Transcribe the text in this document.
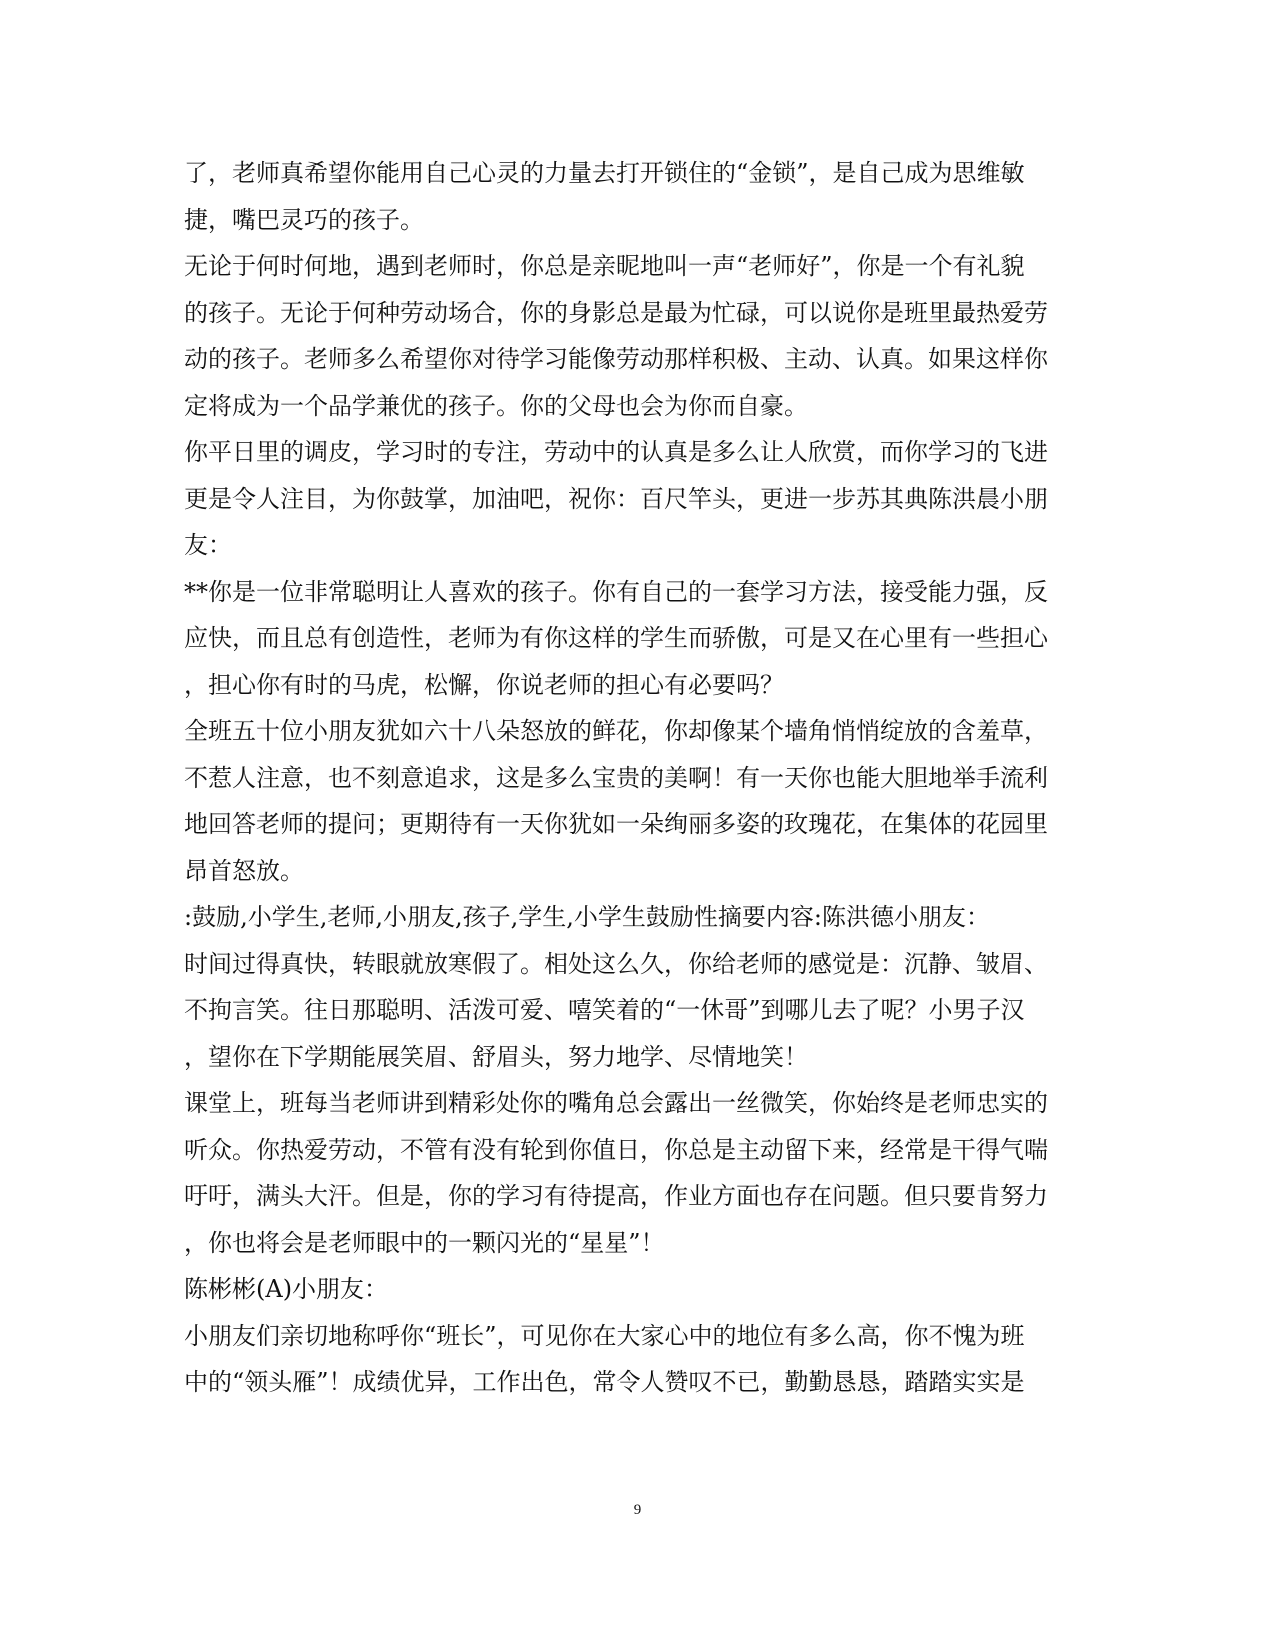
了，老师真希望你能用自己心灵的力量去打开锁住的“金锁”，是自己成为思维敏

捷，嘴巴灵巧的孩子。

无论于何时何地，遇到老师时，你总是亲昵地叫一声“老师好”，你是一个有礼貌

的孩子。无论于何种劳动场合，你的身影总是最为忙碌，可以说你是班里最热爱劳

动的孩子。老师多么希望你对待学习能像劳动那样积极、主动、认真。如果这样你

定将成为一个品学兼优的孩子。你的父母也会为你而自豪。

你平日里的调皮，学习时的专注，劳动中的认真是多么让人欣赏，而你学习的飞进

更是令人注目，为你鼓掌，加油吧，祝你：百尺竿头，更进一步苏其典陈洪晨小朋

友：

**你是一位非常聪明让人喜欢的孩子。你有自己的一套学习方法，接受能力强，反

应快，而且总有创造性，老师为有你这样的学生而骄傲，可是又在心里有一些担心

，担心你有时的马虎，松懈，你说老师的担心有必要吗？

全班五十位小朋友犹如六十八朵怒放的鲜花，你却像某个墙角悄悄绽放的含羞草，

不惹人注意，也不刻意追求，这是多么宝贵的美啊！有一天你也能大胆地举手流利

地回答老师的提问；更期待有一天你犹如一朵绚丽多姿的玫瑰花，在集体的花园里

昂首怒放。

:鼓励,小学生,老师,小朋友,孩子,学生,小学生鼓励性摘要内容:陈洪德小朋友：

时间过得真快，转眼就放寒假了。相处这么久，你给老师的感觉是：沉静、皱眉、

不拘言笑。往日那聪明、活泼可爱、嘻笑着的“一休哥”到哪儿去了呢？小男子汉

，望你在下学期能展笑眉、舒眉头，努力地学、尽情地笑！

课堂上，班每当老师讲到精彩处你的嘴角总会露出一丝微笑，你始终是老师忠实的

听众。你热爱劳动，不管有没有轮到你值日，你总是主动留下来，经常是干得气喘

吁吁，满头大汗。但是，你的学习有待提高，作业方面也存在问题。但只要肯努力

，你也将会是老师眼中的一颗闪光的“星星”！

陈彬彬(A)小朋友：

小朋友们亲切地称呼你“班长”，可见你在大家心中的地位有多么高，你不愧为班

中的“领头雁”！成绩优异，工作出色，常令人赞叹不已，勤勤恳恳，踏踏实实是

9
